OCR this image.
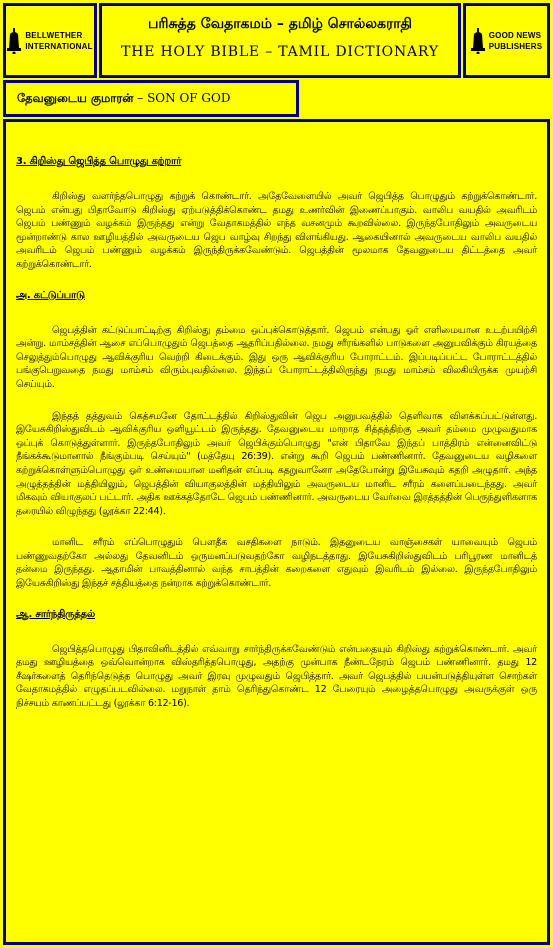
BELLWETHER
INTERNATIONAL
பரிசுத்த வேதாகமம் – தமிழ் சொல்லகராதி
THE HOLY BIBLE – TAMIL DICTIONARY
GOOD NEWS
PUBLISHERS
தேவனுடைய குமாரன் – SON OF GOD
3. கிறிஸ்து ஜெபித்த பொழுது கற்றார்

கிறிஸ்து வளர்ந்தபொழுது கற்றுக் கொண்டார். அதேவேளையில் அவர் ஜெபித்த பொழுதும் கற்றுக்கொண்டார். ஜெபம் என்பது பிதாவோடு கிறிஸ்து ஏற்படுத்திக்கொண்ட தமது உணர்வின் இணைப்பாகும். வாலிப வயதில் அவரிடம் ஜெபம் பண்ணும் வழக்கம் இருந்தது என்று வேதாகமத்தில் எந்த வசனமும் கூறவில்லை. இருந்தபோதிலும் அவருடைய மூன்றாண்டு கால ஊழியத்தில் அவருடைய ஜெப வாழ்வு சிறந்து விளங்கியது. ஆகையினால் அவருடைய வாலிப வயதில் அவரிடம் ஜெபம் பண்ணும் வழக்கம் இருந்திருக்கவேண்டும். ஜெபத்தின் மூலமாக தேவனுடைய திட்டத்தை அவர் கற்றுக்கொண்டார்.

அ. கட்டுப்பாடு

ஜெபத்தின் கட்டுப்பாட்டிற்கு கிறிஸ்து தம்மை ஒப்புக்கொடுத்தார். ஜெபம் என்பது ஓர் எளிமையான உடற்பயிற்சி அன்று. மாம்சத்தின் ஆசை எப்பொழுதும் ஜெபத்தை ஆதரிப்பதில்லை. நமது சரீரங்களில் பாடுகளை அனுபவிக்கும் கிரயத்தை செலுத்தும்பொழுது ஆவிக்குரிய வெற்றி கிடைக்கும். இது ஒரு ஆவிக்குரிய போராட்டம். இப்படிப்பட்ட போராட்டத்தில் பங்குபெறுவதை நமது மாம்சம் விரும்புவதில்லை. இந்தப் போராட்டத்திலிருந்து நமது மாம்சம் விலகியிருக்க முயற்சி செய்யும்.

இந்தத் தத்துவம் கெத்சமனே தோட்டத்தில் கிறிஸ்துவின் ஜெப அனுபவத்தில் தெளிவாக விளக்கப்பட்டுள்ளது. இயேசுகிறிஸ்துவிடம் ஆவிக்குரிய ஒளியூட்டம் இருந்தது. தேவனுடைய மாறாத சித்தத்திற்கு அவர் தம்மை முழுவதுமாக ஒப்புக் கொடுத்துள்ளார். இருந்தபோதிலும் அவர் ஜெபிக்கும்பொழுது "என் பிதாவே இந்தப் பாத்திரம் என்னைவிட்டு நீங்கக்கூடுமானால் நீங்கும்படி செய்யும்" (மத்தேயு 26:39). என்று கூறி ஜெபம் பண்ணினார். தேவனுடைய வழிகளை கற்றுக்கொள்ளும்பொழுது ஓர் உண்மையான மனிதன் எப்படி கதறுவானோ அதேபோன்று இயேசுவும் கதறி அழுதார். அந்த அழுத்தத்தின் மத்தியிலும், ஜெபத்தின் வியாகுலத்தின் மத்தியிலும் அவருடைய மானிட சரீரம் களைப்படைந்தது. அவர் மிகவும் வியாகுலப் பட்டார். அதிக ஊக்கத்தோடே ஜெபம் பண்ணினார். அவருடைய வேர்வை இரத்தத்தின் பெருந்துளிகளாக தரையில் விழுந்தது (லூக்கா 22:44).

மானிட சரீரம் எப்பொழுதும் பௌதீக வசதிகளை நாடும். இதனுடைய வாஞ்சைகள் யாவையும் ஜெபம் பண்ணுவதற்கோ அல்லது தேவனிடம் ஒருமனப்படுவதற்கோ வழிநடத்தாது. இயேசுகிறிஸ்துவிடம் பரிபூரண மானிடத் தன்மை இருந்தது. ஆதாமின் பாவத்தினால் வந்த சாபத்தின் கறைகளை எதுவும் இவரிடம் இல்லை. இருந்தபோதிலும் இயேசுகிறிஸ்து இந்தச் சத்தியத்தை நன்றாக கற்றுக்கொண்டார்.

ஆ. சார்ந்திருத்தல்

ஜெபித்தபொழுது பிதாவினிடத்தில் எவ்வாறு சார்ந்திருக்கவேண்டும் என்பதையும் கிறிஸ்து கற்றுக்கொண்டார். அவர் தமது ஊழியத்தை ஒவ்வொன்றாக விஸ்தரித்தபொழுது, அதற்கு முன்பாக நீண்டநேரம் ஜெபம் பண்ணினார். தமது 12 சீஷர்களைத் தெரிந்தெடுத்த பொழுது அவர் இரவு முழுவதும் ஜெபித்தார். அவர் ஜெபத்தில் பயன்படுத்தியுள்ள சொற்கள் வேதாகமத்தில் எழுதப்படவில்லை. மறுநாள் தாம் தெரிந்துகொண்ட 12 பேரையும் அழைத்தபொழுது அவருக்குள் ஒரு நிச்சயம் காணப்பட்டது (லூக்கா 6:12-16).
